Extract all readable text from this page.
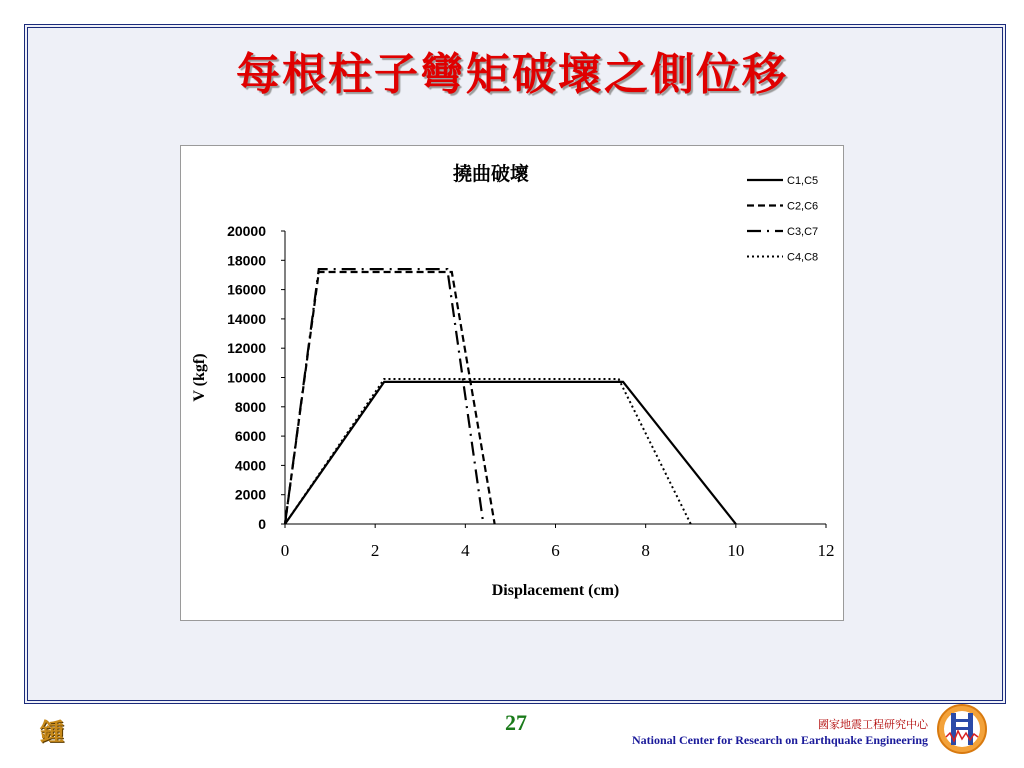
每根柱子彎矩破壞之側位移
撓曲破壞
0
2000
4000
6000
8000
10000
12000
14000
16000
18000
20000
0	2	4	6	8	10	12
Displacement (cm)
V (kgf)
C1,C5
C2,C6
C3,C7
C4,C8
鍾	27	國家地震工程研究中心
National Center for Research on Earthquake Engineering
